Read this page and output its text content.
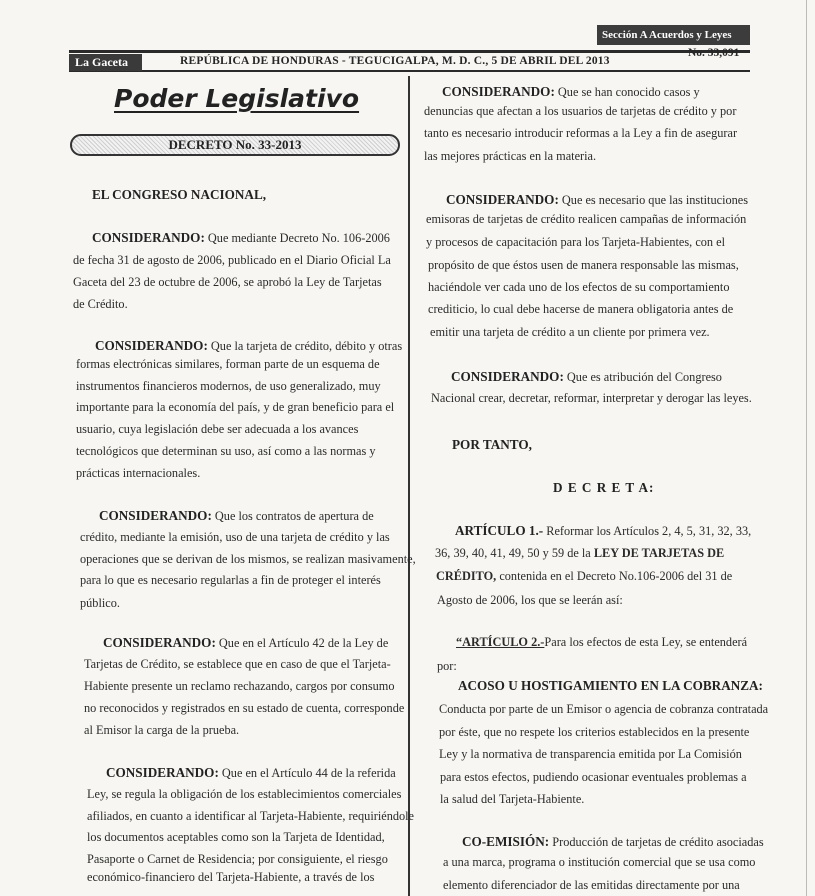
Sección A Acuerdos y Leyes
La Gaceta	REPÚBLICA DE HONDURAS - TEGUCIGALPA, M. D. C., 5 DE ABRIL DEL 2013
No. 33,091
Poder Legislativo
DECRETO No. 33-2013
EL CONGRESO NACIONAL,
CONSIDERANDO: Que mediante Decreto No. 106-2006
de fecha 31 de agosto de 2006, publicado en el Diario Oficial La
Gaceta del 23 de octubre de 2006, se aprobó la Ley de Tarjetas
de Crédito.
CONSIDERANDO: Que la tarjeta de crédito, débito y otras
formas electrónicas similares, forman parte de un esquema de
instrumentos financieros modernos, de uso generalizado, muy
importante para la economía del país, y de gran beneficio para el
usuario, cuya legislación debe ser adecuada a los avances
tecnológicos que determinan su uso, así como a las normas y
prácticas internacionales.
CONSIDERANDO: Que los contratos de apertura de
crédito, mediante la emisión, uso de una tarjeta de crédito y las
operaciones que se derivan de los mismos, se realizan masivamente,
para lo que es necesario regularlas a fin de proteger el interés
público.
CONSIDERANDO: Que en el Artículo 42 de la Ley de
Tarjetas de Crédito, se establece que en caso de que el Tarjeta-
Habiente presente un reclamo rechazando, cargos por consumo
no reconocidos y registrados en su estado de cuenta, corresponde
al Emisor la carga de la prueba.
CONSIDERANDO: Que en el Artículo 44 de la referida
Ley, se regula la obligación de los establecimientos comerciales
afiliados, en cuanto a identificar al Tarjeta-Habiente, requiriéndole
los documentos aceptables como son la Tarjeta de Identidad,
Pasaporte o Carnet de Residencia; por consiguiente, el riesgo
económico-financiero del Tarjeta-Habiente, a través de los
CONSIDERANDO: Que se han conocido casos y
denuncias que afectan a los usuarios de tarjetas de crédito y por
tanto es necesario introducir reformas a la Ley a fin de asegurar
las mejores prácticas en la materia.
CONSIDERANDO: Que es necesario que las instituciones
emisoras de tarjetas de crédito realicen campañas de información
y procesos de capacitación para los Tarjeta-Habientes, con el
propósito de que éstos usen de manera responsable las mismas,
haciéndole ver cada uno de los efectos de su comportamiento
crediticio, lo cual debe hacerse de manera obligatoria antes de
emitir una tarjeta de crédito a un cliente por primera vez.
CONSIDERANDO: Que es atribución del Congreso
Nacional crear, decretar, reformar, interpretar y derogar las leyes.
POR TANTO,
D E C R E T A:
ARTÍCULO 1.- Reformar los Artículos 2, 4, 5, 31, 32, 33,
36, 39, 40, 41, 49, 50 y 59 de la LEY DE TARJETAS DE
CRÉDITO, contenida en el Decreto No.106-2006 del 31 de
Agosto de 2006, los que se leerán así:
“ARTÍCULO 2.-Para los efectos de esta Ley, se entenderá
por:
ACOSO U HOSTIGAMIENTO EN LA COBRANZA:
Conducta por parte de un Emisor o agencia de cobranza contratada
por éste, que no respete los criterios establecidos en la presente
Ley y la normativa de transparencia emitida por La Comisión
para estos efectos, pudiendo ocasionar eventuales problemas a
la salud del Tarjeta-Habiente.
CO-EMISIÓN: Producción de tarjetas de crédito asociadas
a una marca, programa o institución comercial que se usa como
elemento diferenciador de las emitidas directamente por una
